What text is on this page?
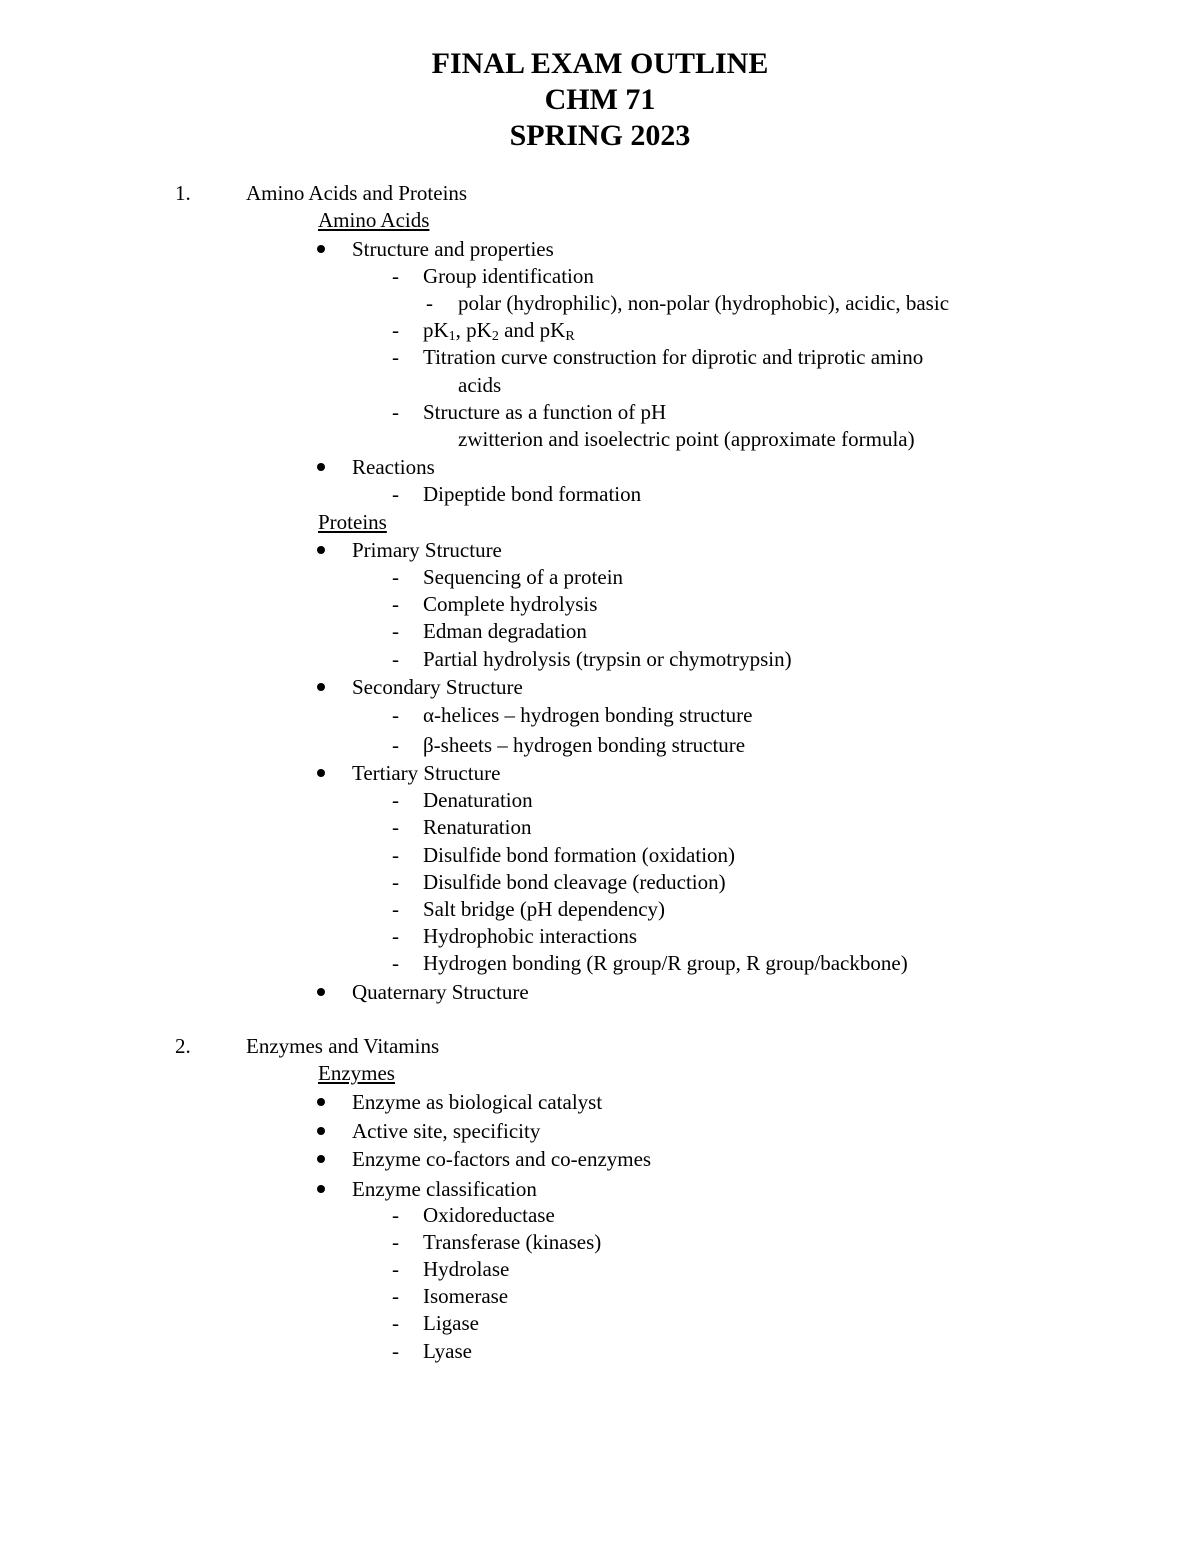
FINAL EXAM OUTLINE
CHM 71
SPRING 2023
1.	Amino Acids and Proteins
Amino Acids
Structure and properties
- Group identification
- polar (hydrophilic), non-polar (hydrophobic), acidic, basic
- $pK_1$, $pK_2$ and $pK_R$
- Titration curve construction for diprotic and triprotic amino
acids
- Structure as a function of pH
zwitterion and isoelectric point (approximate formula)
Reactions
- Dipeptide bond formation
Proteins
Primary Structure
- Sequencing of a protein
- Complete hydrolysis
- Edman degradation
- Partial hydrolysis (trypsin or chymotrypsin)
Secondary Structure
- α-helices – hydrogen bonding structure
- β-sheets – hydrogen bonding structure
Tertiary Structure
- Denaturation
- Renaturation
- Disulfide bond formation (oxidation)
- Disulfide bond cleavage (reduction)
- Salt bridge (pH dependency)
- Hydrophobic interactions
- Hydrogen bonding (R group/R group, R group/backbone)
Quaternary Structure
2.	Enzymes and Vitamins
Enzymes
Enzyme as biological catalyst
Active site, specificity
Enzyme co-factors and co-enzymes
Enzyme classification
- Oxidoreductase
- Transferase (kinases)
- Hydrolase
- Isomerase
- Ligase
- Lyase
